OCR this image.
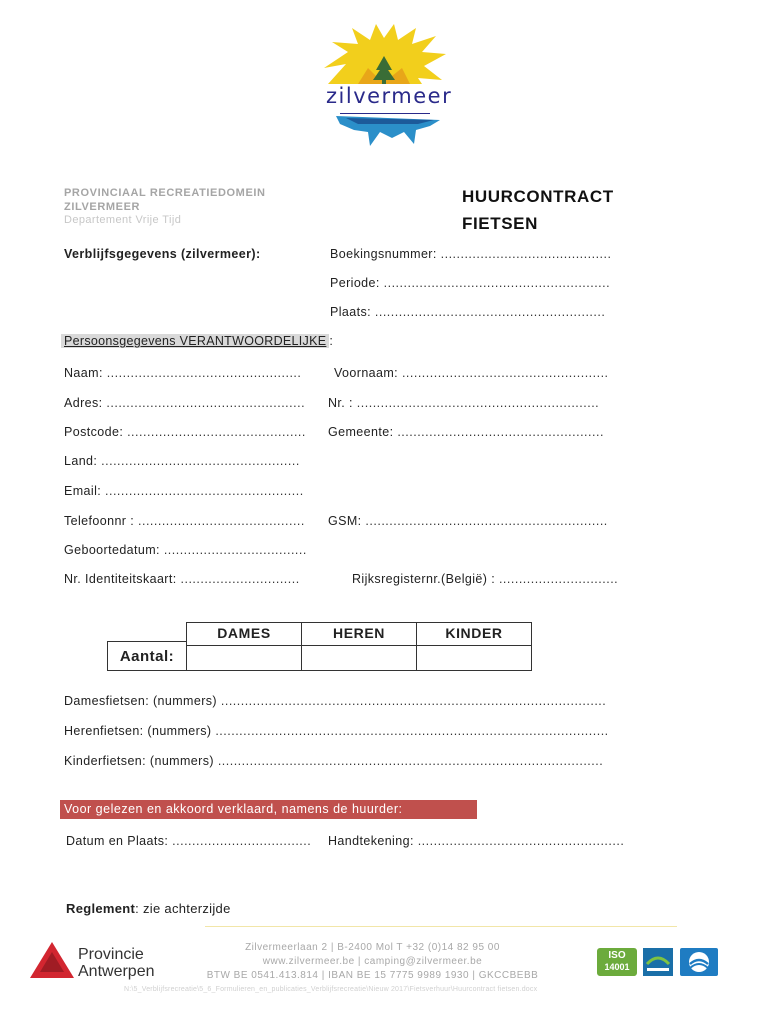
zilvermeer
PROVINCIAAL RECREATIEDOMEIN
ZILVERMEER
Departement Vrije Tijd
HUURCONTRACT
FIETSEN
Verblijfsgegevens (zilvermeer):	Boekingsnummer: ...........................................
Periode: .........................................................
Plaats: ..........................................................
Persoonsgegevens VERANTWOORDELIJKE :
Naam: .................................................	Voornaam: ....................................................
Adres: .................................................. Nr. : .............................................................
Postcode: ............................................. Gemeente: ....................................................
Land: ..................................................
Email: ..................................................
Telefoonnr : .......................................... GSM: .............................................................
Geboortedatum: ....................................
Nr. Identiteitskaart: ..............................	Rijksregisternr.(België) : ..............................
Aantal:
DAMES	HEREN	KINDER

Damesfietsen: (nummers) .................................................................................................
Herenfietsen: (nummers) ...................................................................................................
Kinderfietsen: (nummers) .................................................................................................
Voor gelezen en akkoord verklaard, namens de huurder:
Datum en Plaats: ................................... Handtekening: ....................................................
Reglement: zie achterzijde
Provincie
Antwerpen
Zilvermeerlaan 2 | B-2400 Mol T +32 (0)14 82 95 00
www.zilvermeer.be | camping@zilvermeer.be
BTW BE 0541.413.814 | IBAN BE 15 7775 9989 1930 | GKCCBEBB
N:\5_Verblijfsrecreatie\5_6_Formulieren_en_publicaties_Verblijfsrecreatie\Nieuw 2017\Fietsverhuur\Huurcontract fietsen.docx
ISO
14001
